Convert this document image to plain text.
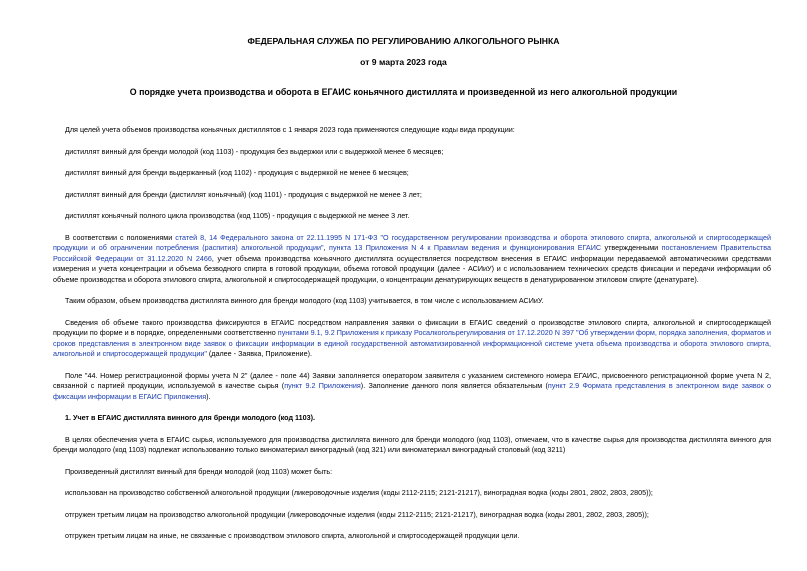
ФЕДЕРАЛЬНАЯ СЛУЖБА ПО РЕГУЛИРОВАНИЮ АЛКОГОЛЬНОГО РЫНКА
от 9 марта 2023 года
О порядке учета производства и оборота в ЕГАИС коньячного дистиллята и произведенной из него алкогольной продукции

Для целей учета объемов производства коньячных дистиллятов с 1 января 2023 года применяются следующие коды вида продукции:

дистиллят винный для бренди молодой (код 1103) - продукция без выдержки или с выдержкой менее 6 месяцев;

дистиллят винный для бренди выдержанный (код 1102) - продукция с выдержкой не менее 6 месяцев;

дистиллят винный для бренди (дистиллят коньячный) (код 1101) - продукция с выдержкой не менее 3 лет;

дистиллят коньячный полного цикла производства (код 1105) - продукция с выдержкой не менее 3 лет.

В соответствии с положениями статей 8, 14 Федерального закона от 22.11.1995 N 171-ФЗ "О государственном регулировании производства и оборота этилового спирта, алкогольной и спиртосодержащей продукции и об ограничении потребления (распития) алкогольной продукции", пункта 13 Приложения N 4 к Правилам ведения и функционирования ЕГАИС утвержденными постановлением Правительства Российской Федерации от 31.12.2020 N 2466, учет объема производства коньячного дистиллята осуществляется посредством внесения в ЕГАИС информации передаваемой автоматическими средствами измерения и учета концентрации и объема безводного спирта в готовой продукции, объема готовой продукции (далее - АСИиУ) и с использованием технических средств фиксации и передачи информации об объеме производства и оборота этилового спирта, алкогольной и спиртосодержащей продукции, о концентрации денатурирующих веществ в денатурированном этиловом спирте (денатурате).

Таким образом, объем производства дистиллята винного для бренди молодого (код 1103) учитывается, в том числе с использованием АСИиУ.

Сведения об объеме такого производства фиксируются в ЕГАИС посредством направления заявки о фиксации в ЕГАИС сведений о производстве этилового спирта, алкогольной и спиртосодержащей продукции по форме и в порядке, определенными соответственно пунктами 9.1, 9.2 Приложения к приказу Росалкогольрегулирования от 17.12.2020 N 397 "Об утверждении форм, порядка заполнения, форматов и сроков представления в электронном виде заявок о фиксации информации в единой государственной автоматизированной информационной системе учета объема производства и оборота этилового спирта, алкогольной и спиртосодержащей продукции" (далее - Заявка, Приложение).

Поле "44. Номер регистрационной формы учета N 2" (далее - поле 44) Заявки заполняется оператором заявителя с указанием системного номера ЕГАИС, присвоенного регистрационной форме учета N 2, связанной с партией продукции, используемой в качестве сырья (пункт 9.2 Приложения). Заполнение данного поля является обязательным (пункт 2.9 Формата представления в электронном виде заявок о фиксации информации в ЕГАИС Приложения).

1. Учет в ЕГАИС дистиллята винного для бренди молодого (код 1103).

В целях обеспечения учета в ЕГАИС сырья, используемого для производства дистиллята винного для бренди молодого (код 1103), отмечаем, что в качестве сырья для производства дистиллята винного для бренди молодого (код 1103) подлежат использованию только виноматериал виноградный (код 321) или виноматериал виноградный столовый (код 3211)

Произведенный дистиллят винный для бренди молодой (код 1103) может быть:

использован на производство собственной алкогольной продукции (ликероводочные изделия (коды 2112-2115; 2121-21217), виноградная водка (коды 2801, 2802, 2803, 2805));

отгружен третьим лицам на производство алкогольной продукции (ликероводочные изделия (коды 2112-2115; 2121-21217), виноградная водка (коды 2801, 2802, 2803, 2805));

отгружен третьим лицам на иные, не связанные с производством этилового спирта, алкогольной и спиртосодержащей продукции цели.
